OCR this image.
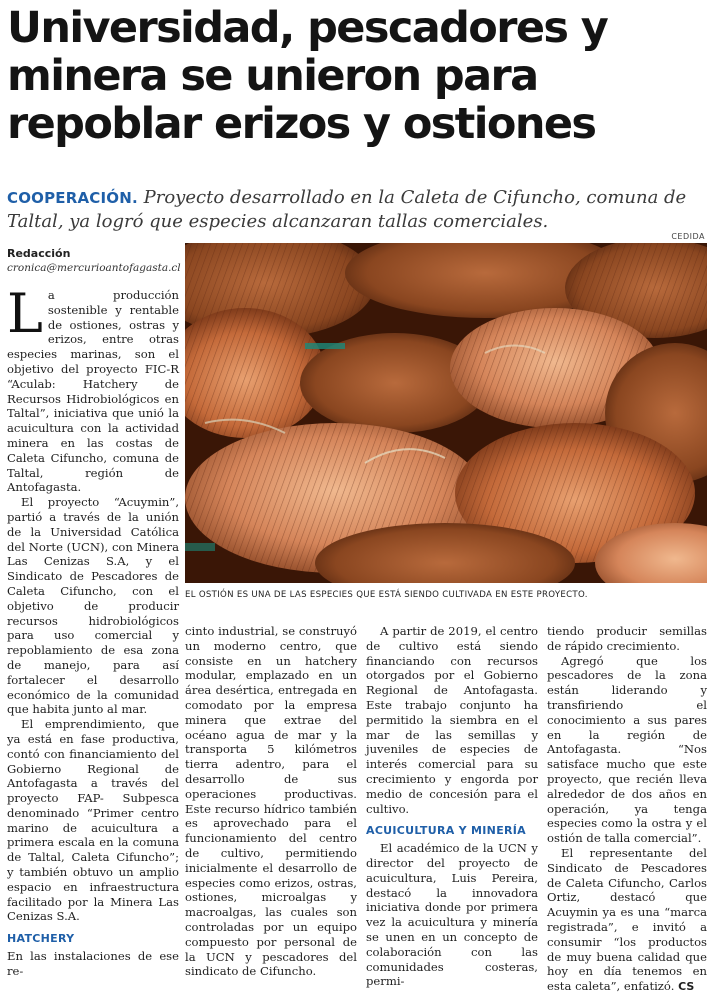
Universidad, pescadores y minera se unieron para repoblar erizos y ostiones
COOPERACIÓN. Proyecto desarrollado en la Caleta de Cifuncho, comuna de Taltal, ya logró que especies alcanzaran tallas comerciales.
CEDIDA
Redacción
cronica@mercurioantofagasta.cl
EL OSTIÓN ES UNA DE LAS ESPECIES QUE ESTÁ SIENDO CULTIVADA EN ESTE PROYECTO.

La producción sostenible y rentable de ostiones, ostras y erizos, entre otras especies marinas, son el objetivo del proyecto FIC-R “Aculab: Hatchery de Recursos Hidrobiológicos en Taltal”, iniciativa que unió la acuicultura con la actividad minera en las costas de Caleta Cifuncho, comuna de Taltal, región de Antofagasta.

El proyecto “Acuymin”, partió a través de la unión de la Universidad Católica del Norte (UCN), con Minera Las Cenizas S.A, y el Sindicato de Pescadores de Caleta Cifuncho, con el objetivo de producir recursos hidrobiológicos para uso comercial y repoblamiento de esa zona de manejo, para así fortalecer el desarrollo económico de la comunidad que habita junto al mar.

El emprendimiento, que ya está en fase productiva, contó con financiamiento del Gobierno Regional de Antofagasta a través del proyecto FAP- Subpesca denominado “Primer centro marino de acuicultura a primera escala en la comuna de Taltal, Caleta Cifuncho”; y también obtuvo un amplio espacio en infraestructura facilitado por la Minera Las Cenizas S.A.

HATCHERY

En las instalaciones de ese re-

cinto industrial, se construyó un moderno centro, que consiste en un hatchery modular, emplazado en un área desértica, entregada en comodato por la empresa minera que extrae del océano agua de mar y la transporta 5 kilómetros tierra adentro, para el desarrollo de sus operaciones productivas. Este recurso hídrico también es aprovechado para el funcionamiento del centro de cultivo, permitiendo inicialmente el desarrollo de especies como erizos, ostras, ostiones, microalgas y macroalgas, las cuales son controladas por un equipo compuesto por personal de la UCN y pescadores del sindicato de Cifuncho.

A partir de 2019, el centro de cultivo está siendo financiando con recursos otorgados por el Gobierno Regional de Antofagasta. Este trabajo conjunto ha permitido la siembra en el mar de las semillas y juveniles de especies de interés comercial para su crecimiento y engorda por medio de concesión para el cultivo.

ACUICULTURA Y MINERÍA

El académico de la UCN y director del proyecto de acuicultura, Luis Pereira, destacó la innovadora iniciativa donde por primera vez la acuicultura y minería se unen en un concepto de colaboración con las comunidades costeras, permi-

tiendo producir semillas de rápido crecimiento.

Agregó que los pescadores de la zona están liderando y transfiriendo el conocimiento a sus pares en la región de Antofagasta. “Nos satisface mucho que este proyecto, que recién lleva alrededor de dos años en operación, ya tenga especies como la ostra y el ostión de talla comercial”.

El representante del Sindicato de Pescadores de Caleta Cifuncho, Carlos Ortiz, destacó que Acuymin ya es una “marca registrada”, e invitó a consumir “los productos de muy buena calidad que hoy en día tenemos en esta caleta”, enfatizó. CS
